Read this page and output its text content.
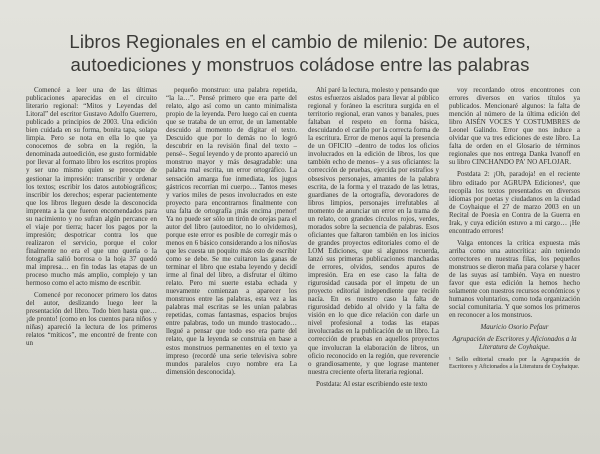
Libros Regionales en el cambio de milenio: De autores,
autoediciones y monstruos coládose entre las palabras

Comencé a leer una de las últimas publicaciones aparecidas en el circuito literario regional: “Mitos y Leyendas del Litoral” del escritor Gustavo Adolfo Guerrero, publicado a principios de 2003. Una edición bien cuidada en su forma, bonita tapa, solapa limpia. Pero se nota en ella lo que ya conocemos de sobra en la región, la denominada autoedición, ese gusto formidable por llevar al formato libro los escritos propios y ser uno mismo quien se preocupe de gestionar la impresión: transcribir y ordenar los textos; escribir los datos autobiográficos; inscribir los derechos; esperar pacientemente que los libros lleguen desde la desconocida imprenta a la que fueron encomendados para su nacimiento y no sufran algún percance en el viaje por tierra; hacer los pagos por la impresión; despotricar contra los que realizaron el servicio, porque el color finalmente no era el que uno quería o la fotografía salió borrosa o la hoja 37 quedó mal impresa… en fin todas las etapas de un proceso mucho más amplio, complejo y tan hermoso como el acto mismo de escribir.

Comencé por reconocer primero los datos del autor, deslizando luego leer la presentación del libro. Todo bien hasta que… ¡de pronto! (como en los cuentos para niños y niñas) apareció la lectura de los primeros relatos “míticos”, me encontré de frente con un

pequeño monstruo: una palabra repetida, “la la…”. Pensé primero que era parte del relato, algo así como un canto minimalista propio de la leyenda. Pero luego caí en cuenta que se trataba de un error, de un lamentable descuido al momento de digitar el texto. Descuido que por lo demás no lo logró descubrir en la revisión final del texto –pensé–. Seguí leyendo y de pronto apareció un monstruo mayor y más desagradable: una palabra mal escrita, un error ortográfico. La sensación amarga fue inmediata, los jugos gástricos recorrían mi cuerpo… Tantos meses y varios miles de pesos involucrados en este proyecto para encontrarnos finalmente con una falta de ortografía ¡más encima ¡menor! Ya no puede ser sólo un tirón de orejas para el autor del libro (autoeditor, no lo olvidemos), porque este error es posible de corregir más o menos en 6 básico considerando a los niños/as que les cuesta un poquito más esto de escribir como se debe. Se me cuitaron las ganas de terminar el libro que estaba leyendo y decidí irme al final del libro, a disfrutar el último relato. Pero mi suerte estaba echada y nuevamente comienzan a aparecer los monstruos entre las palabras, esta vez a las palabras mal escritas se les unían palabras repetidas, comas fantasmas, espacios brujos entre palabras, todo un mundo trastocado… llegué a pensar que todo eso era parte del relato, que la leyenda se construía en base a estos monstruos permanentes en el texto ya impreso (recordé una serie televisiva sobre mundos paralelos cuyo nombre era La dimensión desconocida).

Ahí paré la lectura, molesto y pensando que estos esfuerzos aislados para llevar al público regional y foráneo la escritura surgida en el territorio regional, eran vanos y banales, pues faltaban el respeto en forma básica, descuidando el cariño por la correcta forma de la escritura. Error de menos aquí la presencia de un OFICIO –dentro de todos los oficios involucrados en la edición de libros, los que también echo de menos– y a sus oficiantes: la corrección de pruebas, ejercida por estrafios y obsesivos personajes, amantes de la palabra escrita, de la forma y el trazado de las letras, guardianes de la ortografía, devoradores de libros limpios, personajes irrefutables al momento de anunciar un error en la trama de un relato, con grandes círculos rojos, verdes, morados sobre la secuencia de palabras. Esos oficiantes que faltaron también en los inicios de grandes proyectos editoriales como el de LOM Ediciones, que si algunos recuerda, lanzó sus primeras publicaciones manchadas de errores, olvidos, sendos apuros de impresión. Era en ese caso la falta de rigurosidad causada por el ímpetu de un proyecto editorial independiente que recién nacía. En es nuestro caso la falta de rigurosidad debido al olvido y la falta de visión en lo que dice relación con darle un nivel profesional a todas las etapas involucradas en la publicación de un libro. La corrección de pruebas en aquellos proyectos que involucran la elaboración de libros, un oficio reconocido en la región, que reverencie o grandiosamente, y que lograse mantener nuestra creciente oferta literaria regional.

Postdata: Al estar escribiendo este texto

voy recordando otros encontrones con errores diversos en varios títulos ya publicados. Mencionaré algunos: la falta de mención al número de la última edición del libro AISÉN VOCES Y COSTUMBRES de Leonel Galindo. Error que nos induce a olvidar que va tres ediciones de este libro. La falta de orden en el Glosario de términos regionales que nos entrega Danka Ivanoff en su libro CINCHANDO PA' NO AFLOJAR.

Postdata 2: ¡Oh, paradoja! en el reciente libro editado por AGRUPA Ediciones¹, que recopila los textos presentados en diversos idiomas por poetas y ciudadanos en la ciudad de Coyhaique el 27 de marzo 2003 en un Recital de Poesía en Contra de la Guerra en Irak, y cuya edición estuvo a mi cargo… ¡He encontrado errores!

Valga entonces la crítica expuesta más arriba como una autocrítica: aún teniendo correctores en nuestras filas, los pequeños monstruos se dieron maña para colarse y hacer de las suyas así también. Vaya en nuestro favor que esta edición la hemos hecho solamente con nuestros recursos económicos y humanos voluntarios, como toda organización social comunitaria. Y que somos los primeros en reconocer a los monstruos.

Mauricio Osorio Pefaur

Agrupación de Escritores y Aficionados a la Literatura de Coyhaique.

¹ Sello editorial creado por la Agrupación de Escritores y Aficionados a la Literatura de Coyhaique.
